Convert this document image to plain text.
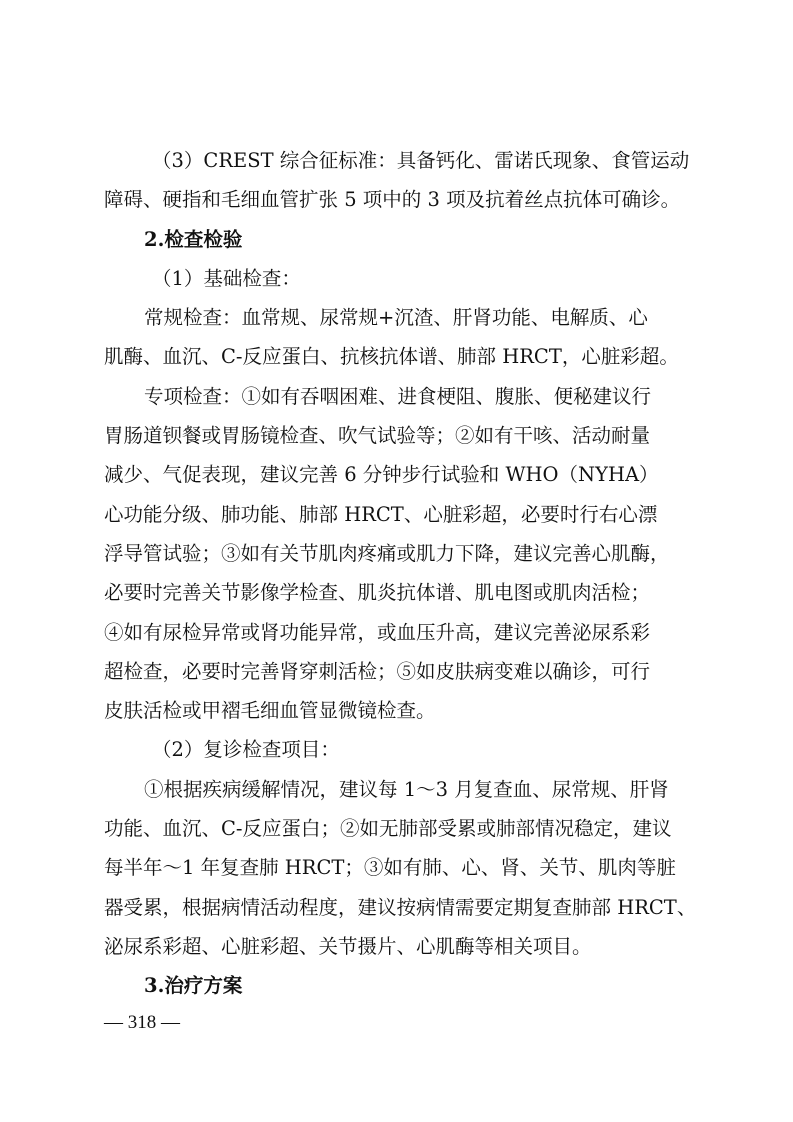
（3）CREST 综合征标准：具备钙化、雷诺氏现象、食管运动
障碍、硬指和毛细血管扩张 5 项中的 3 项及抗着丝点抗体可确诊。
2.检查检验
（1）基础检查：
常规检查：血常规、尿常规+沉渣、肝肾功能、电解质、心
肌酶、血沉、C-反应蛋白、抗核抗体谱、肺部 HRCT，心脏彩超。
专项检查：①如有吞咽困难、进食梗阻、腹胀、便秘建议行
胃肠道钡餐或胃肠镜检查、吹气试验等；②如有干咳、活动耐量
减少、气促表现，建议完善 6 分钟步行试验和 WHO（NYHA）
心功能分级、肺功能、肺部 HRCT、心脏彩超，必要时行右心漂
浮导管试验；③如有关节肌肉疼痛或肌力下降，建议完善心肌酶，
必要时完善关节影像学检查、肌炎抗体谱、肌电图或肌肉活检；
④如有尿检异常或肾功能异常，或血压升高，建议完善泌尿系彩
超检查，必要时完善肾穿刺活检；⑤如皮肤病变难以确诊，可行
皮肤活检或甲褶毛细血管显微镜检查。
（2）复诊检查项目：
①根据疾病缓解情况，建议每 1～3 月复查血、尿常规、肝肾
功能、血沉、C-反应蛋白；②如无肺部受累或肺部情况稳定，建议
每半年～1 年复查肺 HRCT；③如有肺、心、肾、关节、肌肉等脏
器受累，根据病情活动程度，建议按病情需要定期复查肺部 HRCT、
泌尿系彩超、心脏彩超、关节摄片、心肌酶等相关项目。
3.治疗方案
— 318 —
